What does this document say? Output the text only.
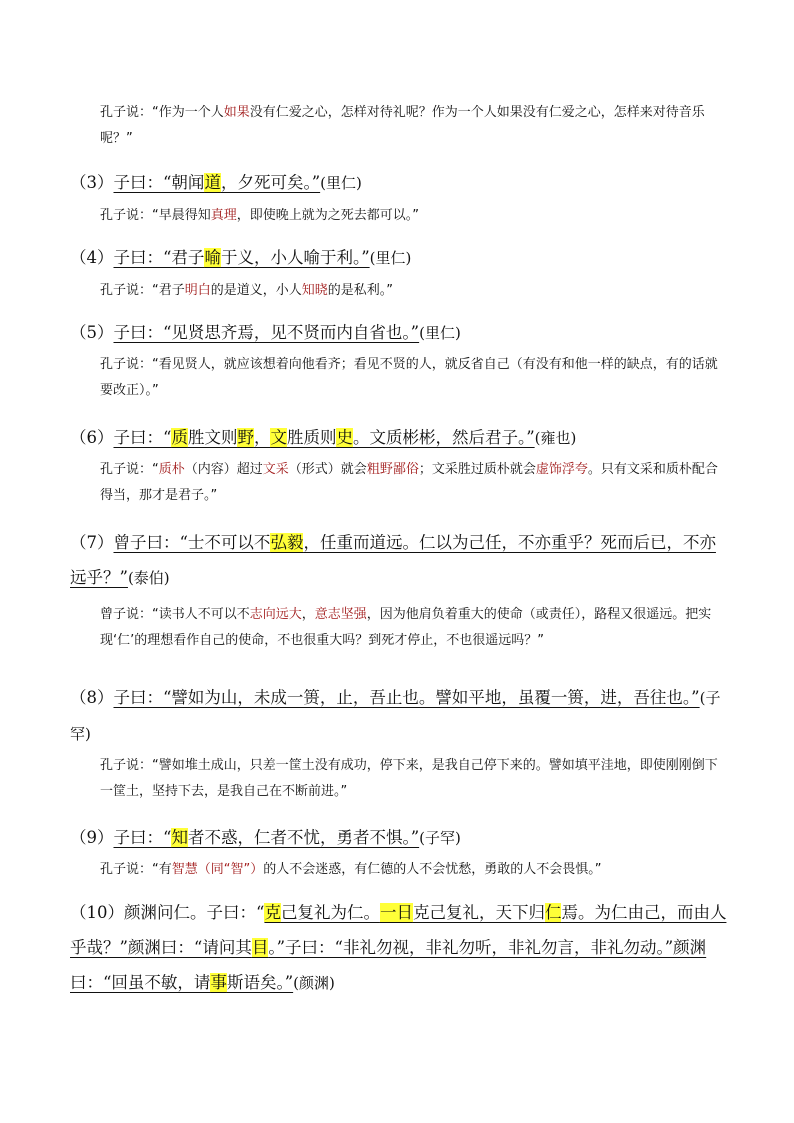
孔子说：“作为一个人如果没有仁爱之心，怎样对待礼呢？作为一个人如果没有仁爱之心，怎样来对待音乐呢？”
（3）子曰：“朝闻道，夕死可矣。”(里仁)
孔子说：“早晨得知真理，即使晚上就为之死去都可以。”
（4）子曰：“君子喻于义，小人喻于利。”(里仁)
孔子说：“君子明白的是道义，小人知晓的是私利。”
（5）子曰：“见贤思齐焉，见不贤而内自省也。”(里仁)
孔子说：“看见贤人，就应该想着向他看齐；看见不贤的人，就反省自己（有没有和他一样的缺点，有的话就要改正）。”
（6）子曰：“质胜文则野，文胜质则史。文质彬彬，然后君子。”(雍也)
孔子说：“质朴（内容）超过文采（形式）就会粗野鄙俗；文采胜过质朴就会虚饰浮夸。只有文采和质朴配合得当，那才是君子。”
（7）曾子曰：“士不可以不弘毅，任重而道远。仁以为己任，不亦重乎？死而后已，不亦远乎？”(泰伯)
曾子说：“读书人不可以不志向远大，意志坚强，因为他肩负着重大的使命（或责任），路程又很遥远。把实现‘仁’的理想看作自己的使命，不也很重大吗？到死才停止，不也很遥远吗？”
（8）子曰：“譬如为山，未成一篑，止，吾止也。譬如平地，虽覆一篑，进，吾往也。”(子罕)
孔子说：“譬如堆土成山，只差一筐土没有成功，停下来，是我自己停下来的。譬如填平洼地，即使刚刚倒下一筐土，坚持下去，是我自己在不断前进。”
（9）子曰：“知者不惑，仁者不忧，勇者不惧。”(子罕)
孔子说：“有智慧（同“智”）的人不会迷惑，有仁德的人不会忧愁，勇敢的人不会畏惧。”
（10）颜渊问仁。子曰：“克己复礼为仁。一日克己复礼，天下归仁焉。为仁由己，而由人乎哉？”颜渊曰：“请问其目。”子曰：“非礼勿视，非礼勿听，非礼勿言，非礼勿动。”颜渊曰：“回虽不敏，请事斯语矣。”(颜渊)
